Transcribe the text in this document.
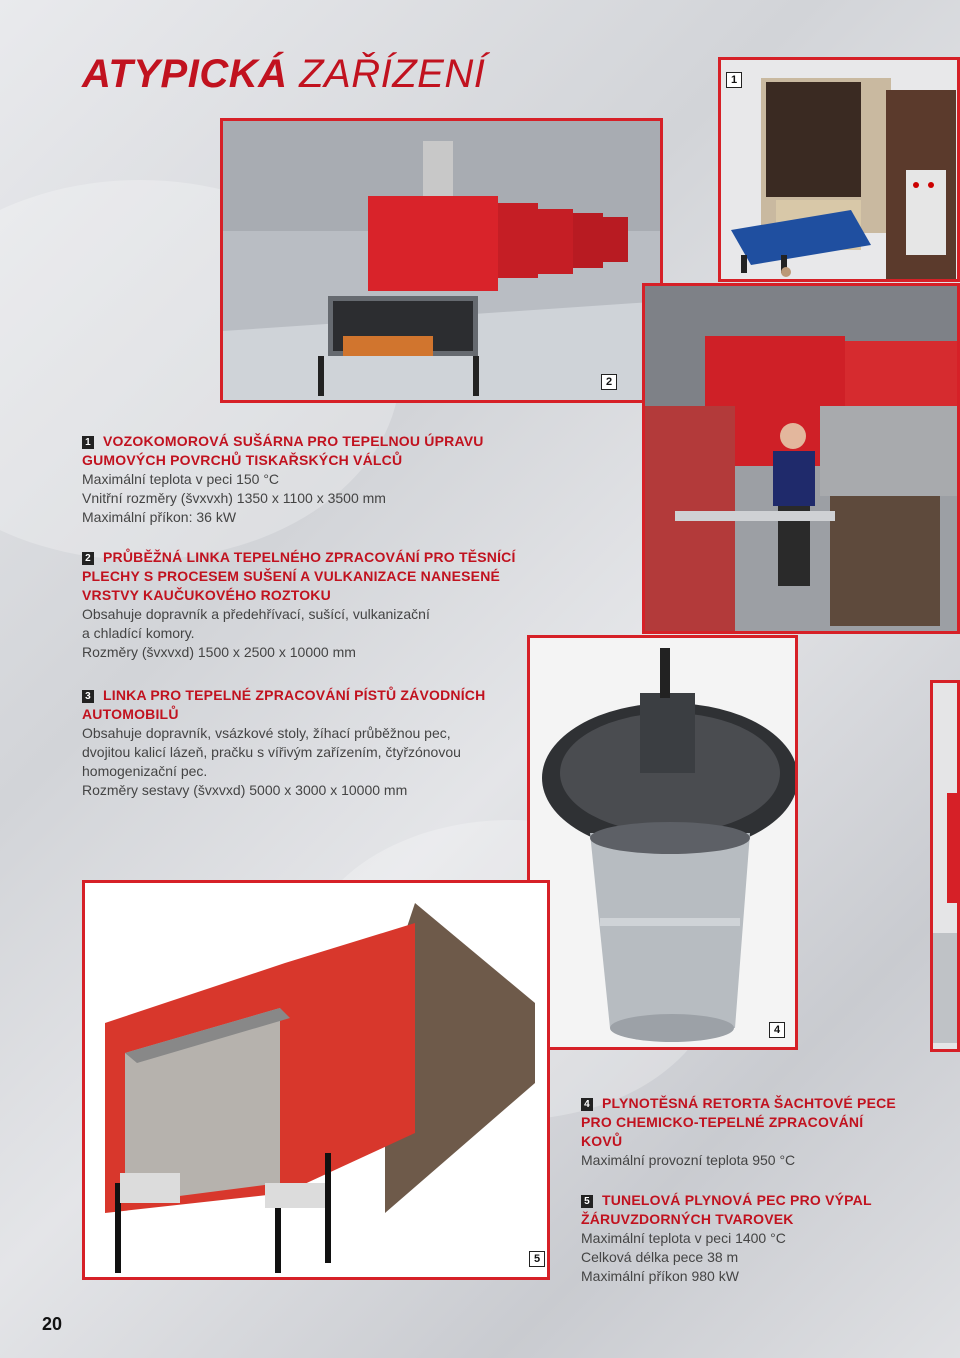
ATYPICKÁ ZAŘÍZENÍ	1
2
4
5
1 VOZOKOMOROVÁ SUŠÁRNA PRO TEPELNOU ÚPRAVU
GUMOVÝCH POVRCHŮ TISKAŘSKÝCH VÁLCŮ
Maximální teplota v peci 150 °C
Vnitřní rozměry (švxvxh) 1350 x 1100 x 3500 mm
Maximální příkon: 36 kW
2 PRŮBĚŽNÁ LINKA TEPELNÉHO ZPRACOVÁNÍ PRO TĚSNÍCÍ
PLECHY S PROCESEM SUŠENÍ A VULKANIZACE NANESENÉ
VRSTVY KAUČUKOVÉHO ROZTOKU
Obsahuje dopravník a předehřívací, sušící, vulkanizační
a chladící komory.
Rozměry (švxvxd) 1500 x 2500 x 10000 mm
3 LINKA PRO TEPELNÉ ZPRACOVÁNÍ PÍSTŮ ZÁVODNÍCH
AUTOMOBILŮ
Obsahuje dopravník, vsázkové stoly, žíhací průběžnou pec,
dvojitou kalicí lázeň, pračku s vířivým zařízením, čtyřzónovou
homogenizační pec.
Rozměry sestavy (švxvxd) 5000 x 3000 x 10000 mm
4 PLYNOTĚSNÁ RETORTA ŠACHTOVÉ PECE
PRO CHEMICKO-TEPELNÉ ZPRACOVÁNÍ
KOVŮ
Maximální provozní teplota 950 °C
5 TUNELOVÁ PLYNOVÁ PEC PRO VÝPAL
ŽÁRUVZDORNÝCH TVAROVEK
Maximální teplota v peci 1400 °C
Celková délka pece 38 m
Maximální příkon 980 kW
20
